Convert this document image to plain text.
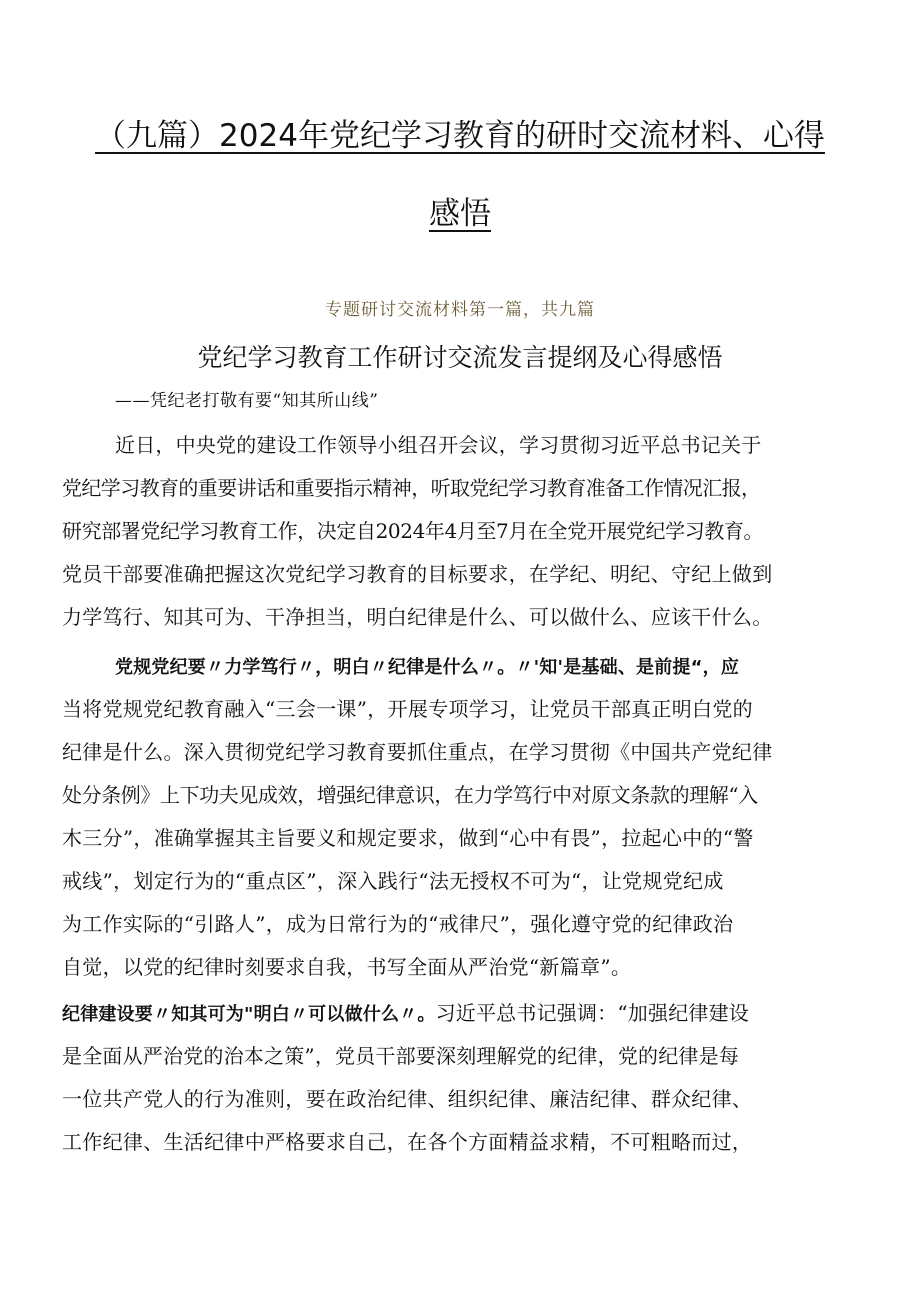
（九篇）2024年党纪学习教育的研时交流材料、心得
感悟
专题研讨交流材料第一篇，共九篇
党纪学习教育工作研讨交流发言提纲及心得感悟
——凭纪老打敬有要“知其所山线”
近日，中央党的建设工作领导小组召开会议，学习贯彻习近平总书记关于
党纪学习教育的重要讲话和重要指示精神，听取党纪学习教育准备工作情况汇报，
研究部署党纪学习教育工作，决定自2024年4月至7月在全党开展党纪学习教育。
党员干部要准确把握这次党纪学习教育的目标要求，在学纪、明纪、守纪上做到
力学笃行、知其可为、干净担当，明白纪律是什么、可以做什么、应该干什么。
党规党纪要〃力学笃行〃，明白〃纪律是什么〃。〃'知'是基础、是前提“，应
当将党规党纪教育融入“三会一课”，开展专项学习，让党员干部真正明白党的
纪律是什么。深入贯彻党纪学习教育要抓住重点，在学习贯彻《中国共产党纪律
处分条例》上下功夫见成效，增强纪律意识，在力学笃行中对原文条款的理解“入
木三分”，准确掌握其主旨要义和规定要求，做到“心中有畏”，拉起心中的“警
戒线”，划定行为的“重点区”，深入践行“法无授权不可为“，让党规党纪成
为工作实际的“引路人”，成为日常行为的“戒律尺”，强化遵守党的纪律政治
自觉，以党的纪律时刻要求自我，书写全面从严治党“新篇章”。
纪律建设要〃知其可为"明白〃可以做什么〃。习近平总书记强调：“加强纪律建设
是全面从严治党的治本之策”，党员干部要深刻理解党的纪律，党的纪律是每
一位共产党人的行为准则，要在政治纪律、组织纪律、廉洁纪律、群众纪律、
工作纪律、生活纪律中严格要求自己，在各个方面精益求精，不可粗略而过，
